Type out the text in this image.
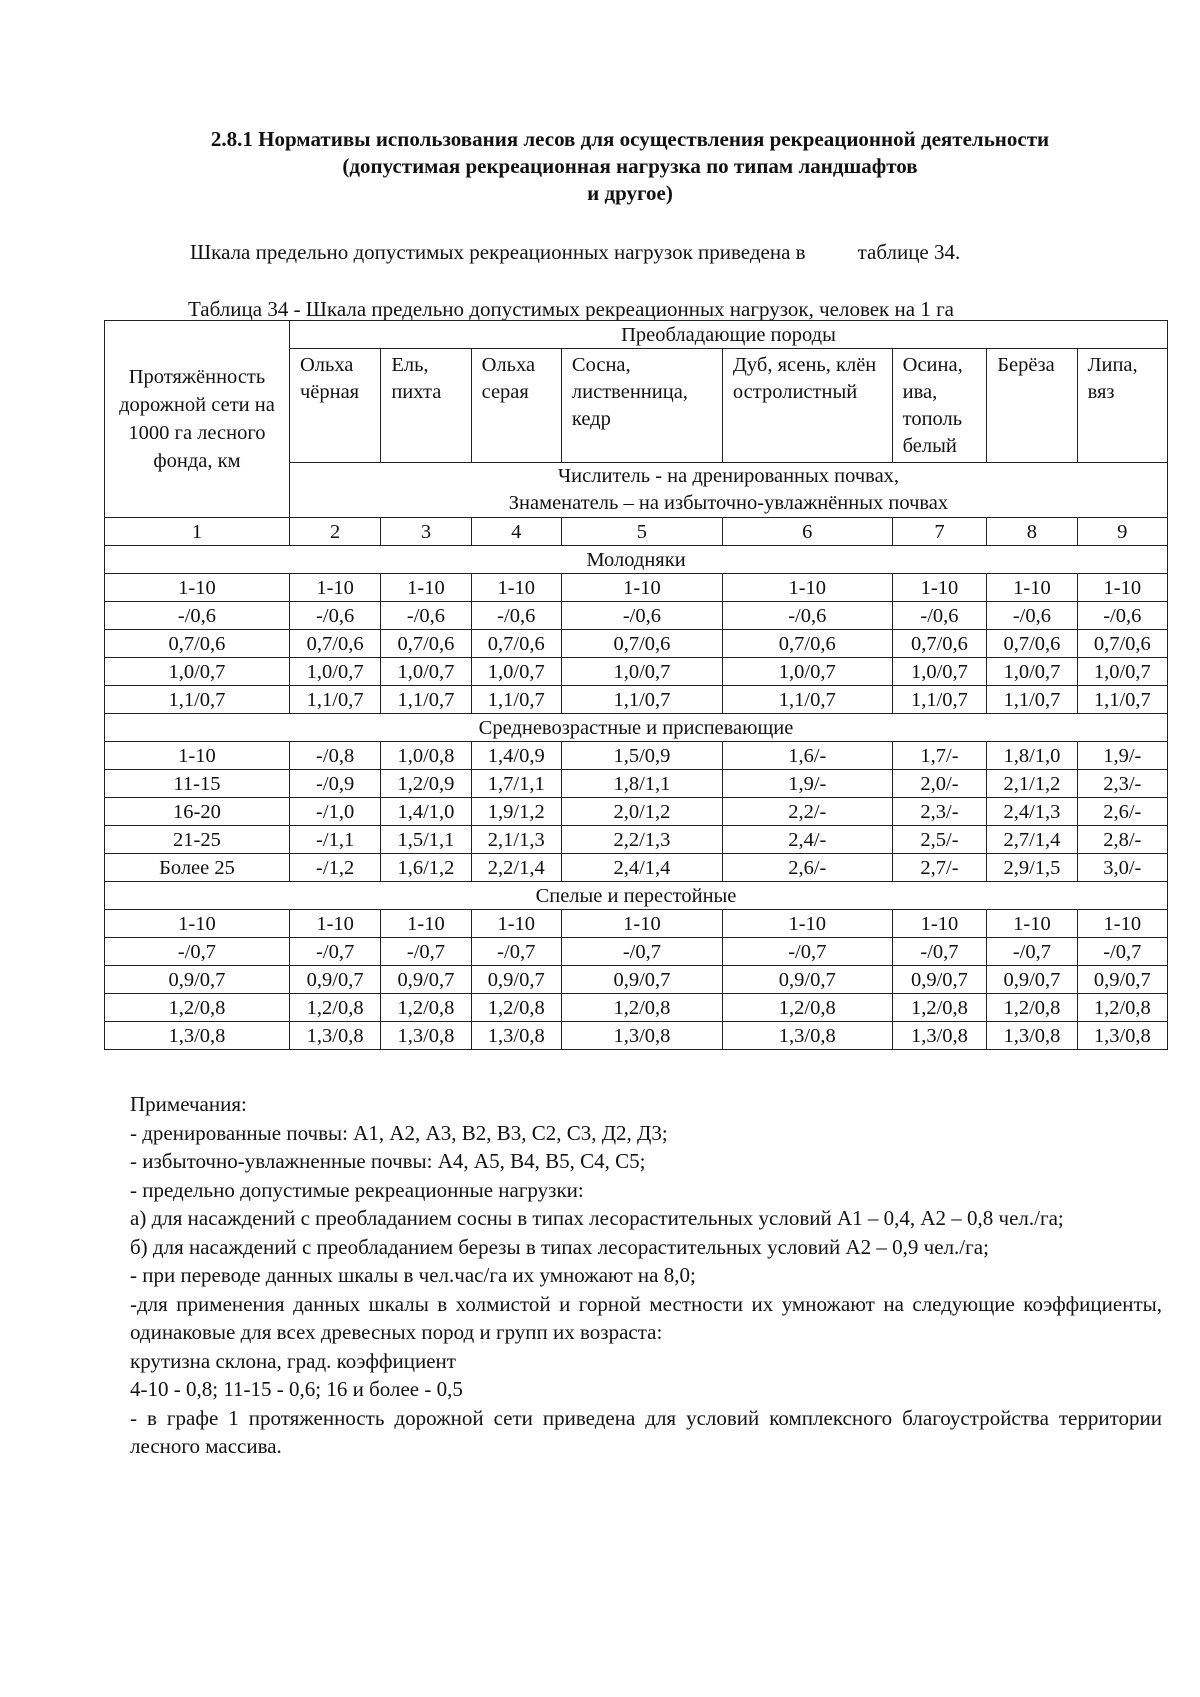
2.8.1 Нормативы использования лесов для осуществления рекреационной деятельности
(допустимая рекреационная нагрузка по типам ландшафтов
и другое)
Шкала предельно допустимых рекреационных нагрузок приведена в таблице 34.
Таблица 34 - Шкала предельно допустимых рекреационных нагрузок, человек на 1 га
Протяжённость дорожной сети на 1000 га лесного фонда, км	Преобладающие породы							
	Ольха чёрная	Ель, пихта	Ольха серая	Сосна, лиственница, кедр	Дуб, ясень, клён остролистный	Осина, ива, тополь белый	Берёза	Липа, вяз

	Числитель - на дренированных почвах,
Знаменатель – на избыточно-увлажнённых почвах							

1	2	3	4	5	6	7	8	9
Молодняки								
1-10	1-10	1-10	1-10	1-10	1-10	1-10	1-10	1-10
-/0,6	-/0,6	-/0,6	-/0,6	-/0,6	-/0,6	-/0,6	-/0,6	-/0,6
0,7/0,6	0,7/0,6	0,7/0,6	0,7/0,6	0,7/0,6	0,7/0,6	0,7/0,6	0,7/0,6	0,7/0,6
1,0/0,7	1,0/0,7	1,0/0,7	1,0/0,7	1,0/0,7	1,0/0,7	1,0/0,7	1,0/0,7	1,0/0,7
1,1/0,7	1,1/0,7	1,1/0,7	1,1/0,7	1,1/0,7	1,1/0,7	1,1/0,7	1,1/0,7	1,1/0,7
Средневозрастные и приспевающие								
1-10	-/0,8	1,0/0,8	1,4/0,9	1,5/0,9	1,6/-	1,7/-	1,8/1,0	1,9/-
11-15	-/0,9	1,2/0,9	1,7/1,1	1,8/1,1	1,9/-	2,0/-	2,1/1,2	2,3/-
16-20	-/1,0	1,4/1,0	1,9/1,2	2,0/1,2	2,2/-	2,3/-	2,4/1,3	2,6/-
21-25	-/1,1	1,5/1,1	2,1/1,3	2,2/1,3	2,4/-	2,5/-	2,7/1,4	2,8/-
Более 25	-/1,2	1,6/1,2	2,2/1,4	2,4/1,4	2,6/-	2,7/-	2,9/1,5	3,0/-
Спелые и перестойные								
1-10	1-10	1-10	1-10	1-10	1-10	1-10	1-10	1-10
-/0,7	-/0,7	-/0,7	-/0,7	-/0,7	-/0,7	-/0,7	-/0,7	-/0,7
0,9/0,7	0,9/0,7	0,9/0,7	0,9/0,7	0,9/0,7	0,9/0,7	0,9/0,7	0,9/0,7	0,9/0,7
1,2/0,8	1,2/0,8	1,2/0,8	1,2/0,8	1,2/0,8	1,2/0,8	1,2/0,8	1,2/0,8	1,2/0,8
1,3/0,8	1,3/0,8	1,3/0,8	1,3/0,8	1,3/0,8	1,3/0,8	1,3/0,8	1,3/0,8	1,3/0,8
Примечания:
- дренированные почвы: А1, А2, А3, В2, В3, С2, С3, Д2, Д3;
- избыточно-увлажненные почвы: А4, А5, В4, В5, С4, С5;
- предельно допустимые рекреационные нагрузки:
а) для насаждений с преобладанием сосны в типах лесорастительных условий А1 – 0,4, А2 – 0,8 чел./га;
б) для насаждений с преобладанием березы в типах лесорастительных условий А2 – 0,9 чел./га;
- при переводе данных шкалы в чел.час/га их умножают на 8,0;
-для применения данных шкалы в холмистой и горной местности их умножают на следующие коэффициенты, одинаковые для всех древесных пород и групп их возраста:
крутизна склона, град. коэффициент
4-10 - 0,8; 11-15 - 0,6; 16 и более - 0,5
- в графе 1 протяженность дорожной сети приведена для условий комплексного благоустройства территории лесного массива.
